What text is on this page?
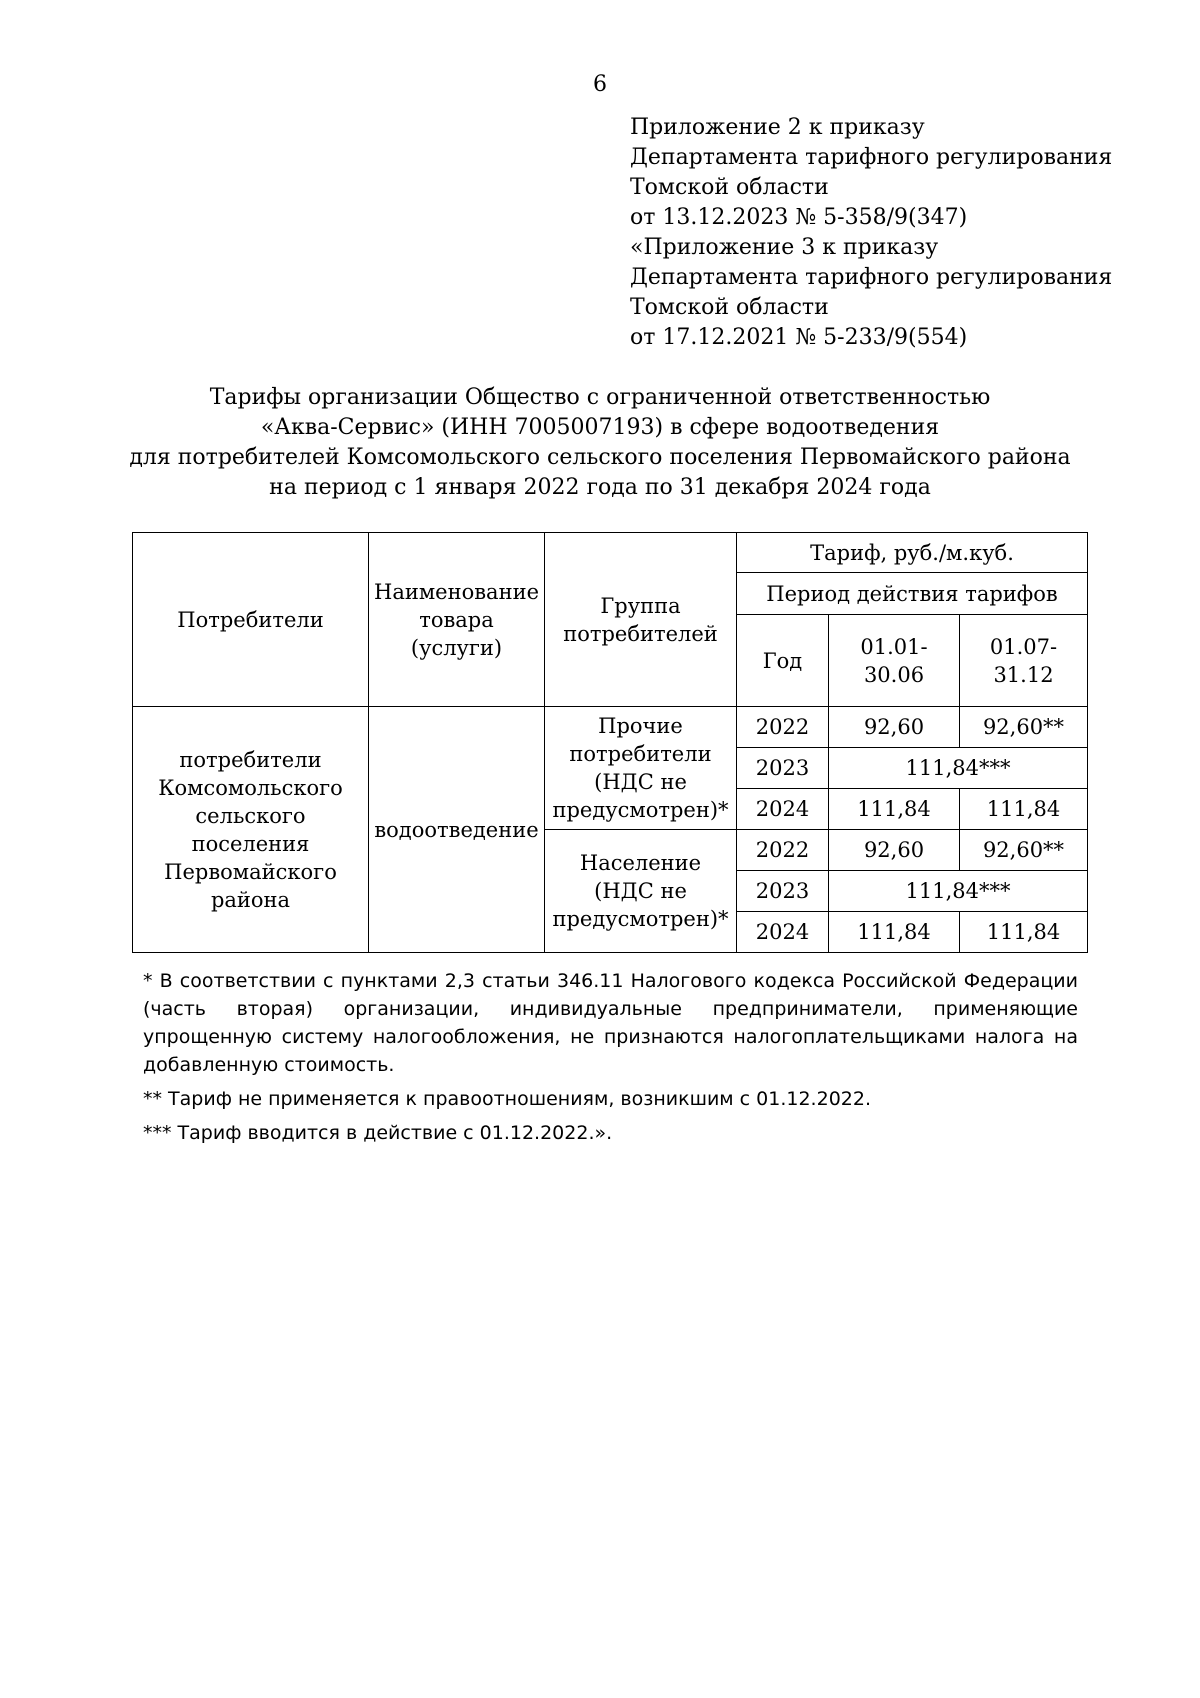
6
Приложение 2 к приказу
Департамента тарифного регулирования
Томской области
от 13.12.2023 № 5-358/9(347)
«Приложение 3 к приказу
Департамента тарифного регулирования
Томской области
от 17.12.2021 № 5-233/9(554)
Тарифы организации Общество с ограниченной ответственностью
«Аква-Сервис» (ИНН 7005007193) в сфере водоотведения
для потребителей Комсомольского сельского поселения Первомайского района
на период с 1 января 2022 года по 31 декабря 2024 года
Потребители	Наименование товара (услуги)	Группа потребителей	Тариф, руб./м.куб.		
			Период действия тарифов		
			Год	01.01-30.06	01.07-31.12
потребители Комсомольского сельского поселения Первомайского района	водоотведение	Прочие потребители (НДС не предусмотрен)*	2022	92,60	92,60**
			2023	111,84***	
			2024	111,84	111,84
		Население (НДС не предусмотрен)*	2022	92,60	92,60**
			2023	111,84***	
			2024	111,84	111,84
* В соответствии с пунктами 2,3 статьи 346.11 Налогового кодекса Российской Федерации (часть вторая) организации, индивидуальные предприниматели, применяющие упрощенную систему налогообложения, не признаются налогоплательщиками налога на добавленную стоимость.
** Тариф не применяется к правоотношениям, возникшим с 01.12.2022.
*** Тариф вводится в действие с 01.12.2022.».
